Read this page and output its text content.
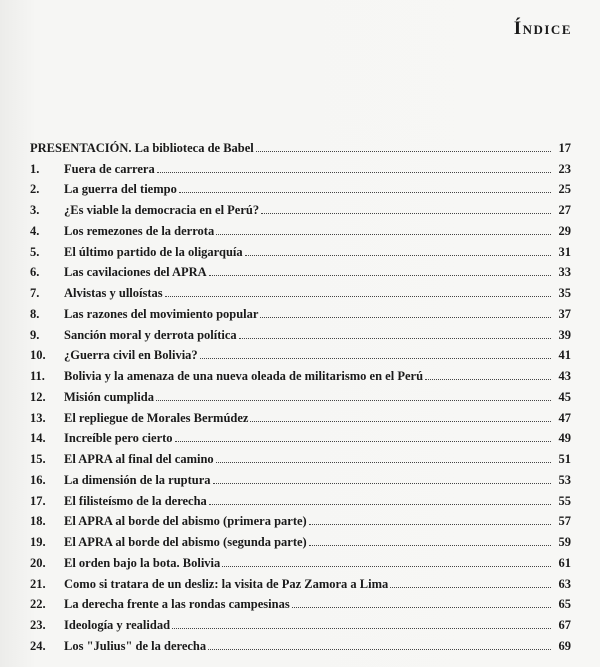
Índice
PRESENTACIÓN. La biblioteca de Babel	17
1.	Fuera de carrera	23
2.	La guerra del tiempo	25
3.	¿Es viable la democracia en el Perú?	27
4.	Los remezones de la derrota	29
5.	El último partido de la oligarquía	31
6.	Las cavilaciones del APRA	33
7.	Alvistas y ulloístas	35
8.	Las razones del movimiento popular	37
9.	Sanción moral y derrota política	39
10.	¿Guerra civil en Bolivia?	41
11.	Bolivia y la amenaza de una nueva oleada de militarismo en el Perú	43
12.	Misión cumplida	45
13.	El repliegue de Morales Bermúdez	47
14.	Increíble pero cierto	49
15.	El APRA al final del camino	51
16.	La dimensión de la ruptura	53
17.	El filisteísmo de la derecha	55
18.	El APRA al borde del abismo (primera parte)	57
19.	El APRA al borde del abismo (segunda parte)	59
20.	El orden bajo la bota. Bolivia	61
21.	Como si tratara de un desliz: la visita de Paz Zamora a Lima	63
22.	La derecha frente a las rondas campesinas	65
23.	Ideología y realidad	67
24.	Los "Julius" de la derecha	69
